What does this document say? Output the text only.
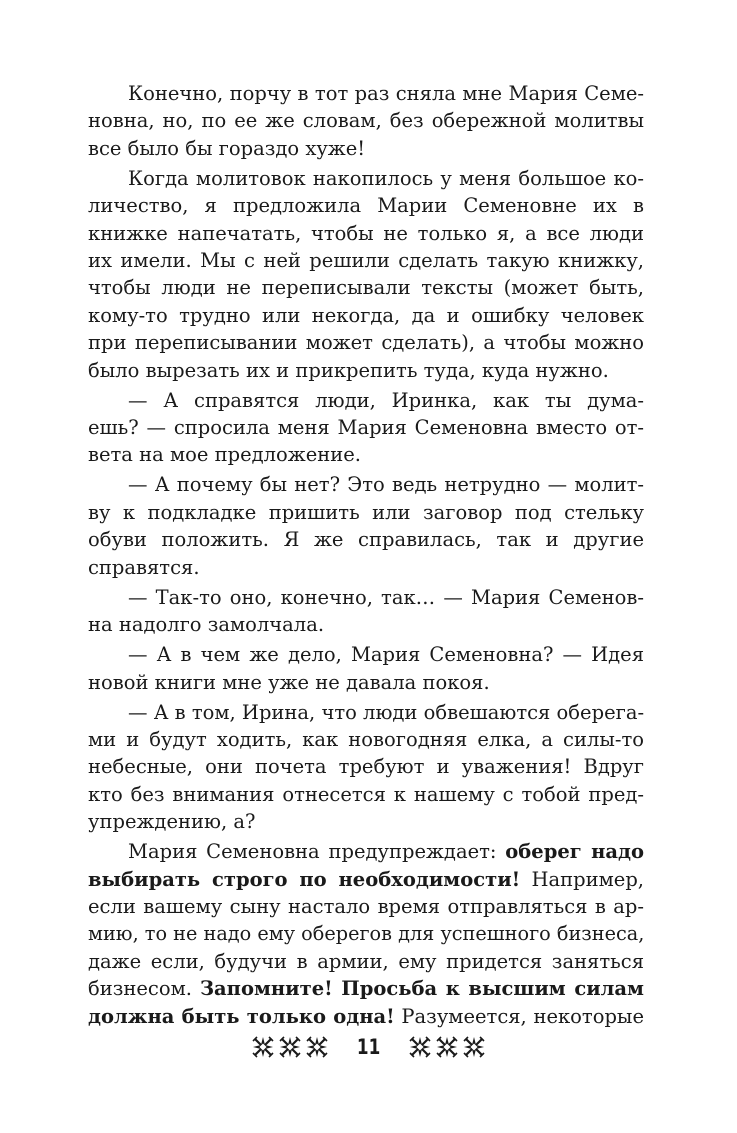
Конечно, порчу в тот раз сняла мне Мария Семе-
новна, но, по ее же словам, без обережной молитвы
все было бы гораздо хуже!
Когда молитовок накопилось у меня большое ко-
личество, я предложила Марии Семеновне их в
книжке напечатать, чтобы не только я, а все люди
их имели. Мы с ней решили сделать такую книжку,
чтобы люди не переписывали тексты (может быть,
кому-то трудно или некогда, да и ошибку человек
при переписывании может сделать), а чтобы можно
было вырезать их и прикрепить туда, куда нужно.
— А справятся люди, Иринка, как ты дума-
ешь? — спросила меня Мария Семеновна вместо от-
вета на мое предложение.
— А почему бы нет? Это ведь нетрудно — молит-
ву к подкладке пришить или заговор под стельку
обуви положить. Я же справилась, так и другие
справятся.
— Так-то оно, конечно, так… — Мария Семенов-
на надолго замолчала.
— А в чем же дело, Мария Семеновна? — Идея
новой книги мне уже не давала покоя.
— А в том, Ирина, что люди обвешаются оберега-
ми и будут ходить, как новогодняя елка, а силы-то
небесные, они почета требуют и уважения! Вдруг
кто без внимания отнесется к нашему с тобой пред-
упреждению, а?
Мария Семеновна предупреждает: оберег надо
выбирать строго по необходимости! Например,
если вашему сыну настало время отправляться в ар-
мию, то не надо ему оберегов для успешного бизнеса,
даже если, будучи в армии, ему придется заняться
бизнесом. Запомните! Просьба к высшим силам
должна быть только одна! Разумеется, некоторые
11
